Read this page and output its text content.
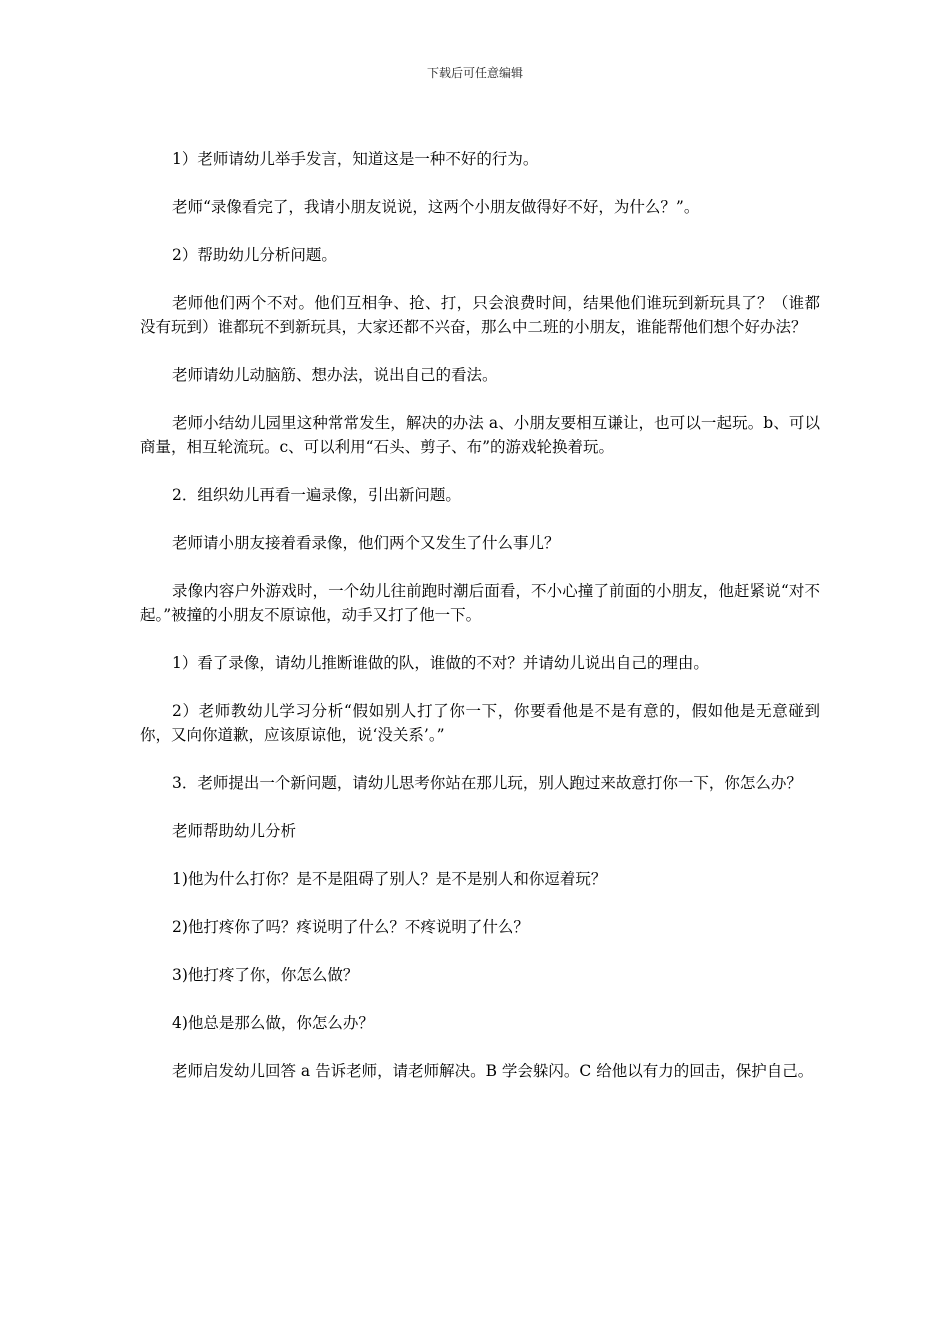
下载后可任意编辑

1）老师请幼儿举手发言，知道这是一种不好的行为。

老师“录像看完了，我请小朋友说说，这两个小朋友做得好不好，为什么？”。

2）帮助幼儿分析问题。

老师他们两个不对。他们互相争、抢、打，只会浪费时间，结果他们谁玩到新玩具了？（谁都没有玩到）谁都玩不到新玩具，大家还都不兴奋，那么中二班的小朋友，谁能帮他们想个好办法？

老师请幼儿动脑筋、想办法，说出自己的看法。

老师小结幼儿园里这种常常发生，解决的办法 a、小朋友要相互谦让，也可以一起玩。b、可以商量，相互轮流玩。c、可以利用“石头、剪子、布”的游戏轮换着玩。

2．组织幼儿再看一遍录像，引出新问题。

老师请小朋友接着看录像，他们两个又发生了什么事儿？

录像内容户外游戏时，一个幼儿往前跑时潮后面看，不小心撞了前面的小朋友，他赶紧说“对不起。”被撞的小朋友不原谅他，动手又打了他一下。

1）看了录像，请幼儿推断谁做的队，谁做的不对？并请幼儿说出自己的理由。

2）老师教幼儿学习分析“假如别人打了你一下，你要看他是不是有意的，假如他是无意碰到你，又向你道歉，应该原谅他，说‘没关系’。”

3．老师提出一个新问题，请幼儿思考你站在那儿玩，别人跑过来故意打你一下，你怎么办？

老师帮助幼儿分析

1)他为什么打你？是不是阻碍了别人？是不是别人和你逗着玩？

2)他打疼你了吗？疼说明了什么？不疼说明了什么？

3)他打疼了你，你怎么做？

4)他总是那么做，你怎么办？

老师启发幼儿回答 a 告诉老师，请老师解决。B 学会躲闪。C 给他以有力的回击，保护自己。
